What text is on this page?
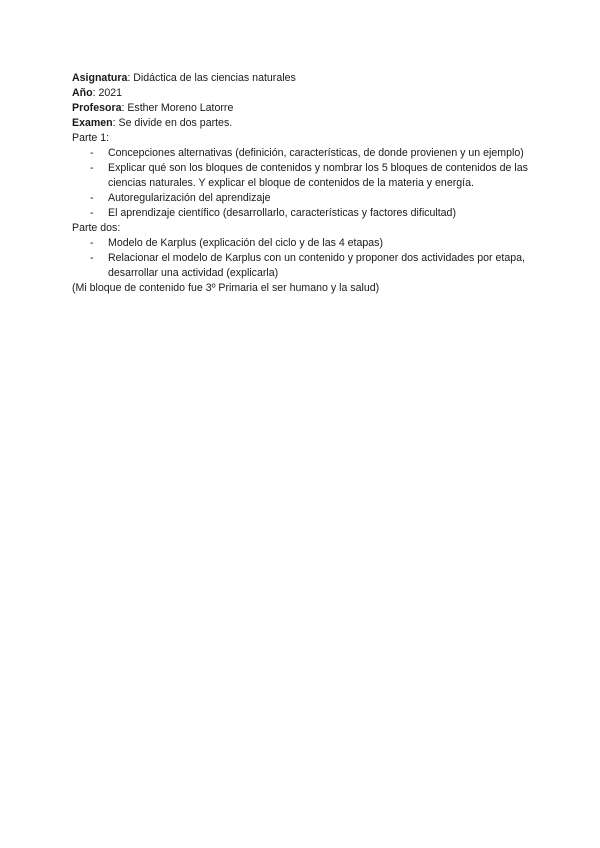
Asignatura: Didáctica de las ciencias naturales

Año: 2021

Profesora: Esther Moreno Latorre

Examen: Se divide en dos partes.

Parte 1:

- Concepciones alternativas (definición, características, de donde provienen y un ejemplo)
- Explicar qué son los bloques de contenidos y nombrar los 5 bloques de contenidos de las ciencias naturales. Y explicar el bloque de contenidos de la materia y energía.
- Autoregularización del aprendizaje
- El aprendizaje científico (desarrollarlo, características y factores dificultad)

Parte dos:

- Modelo de Karplus (explicación del ciclo y de las 4 etapas)
- Relacionar el modelo de Karplus con un contenido y proponer dos actividades por etapa, desarrollar una actividad (explicarla)

(Mi bloque de contenido fue 3º Primaria el ser humano y la salud)
